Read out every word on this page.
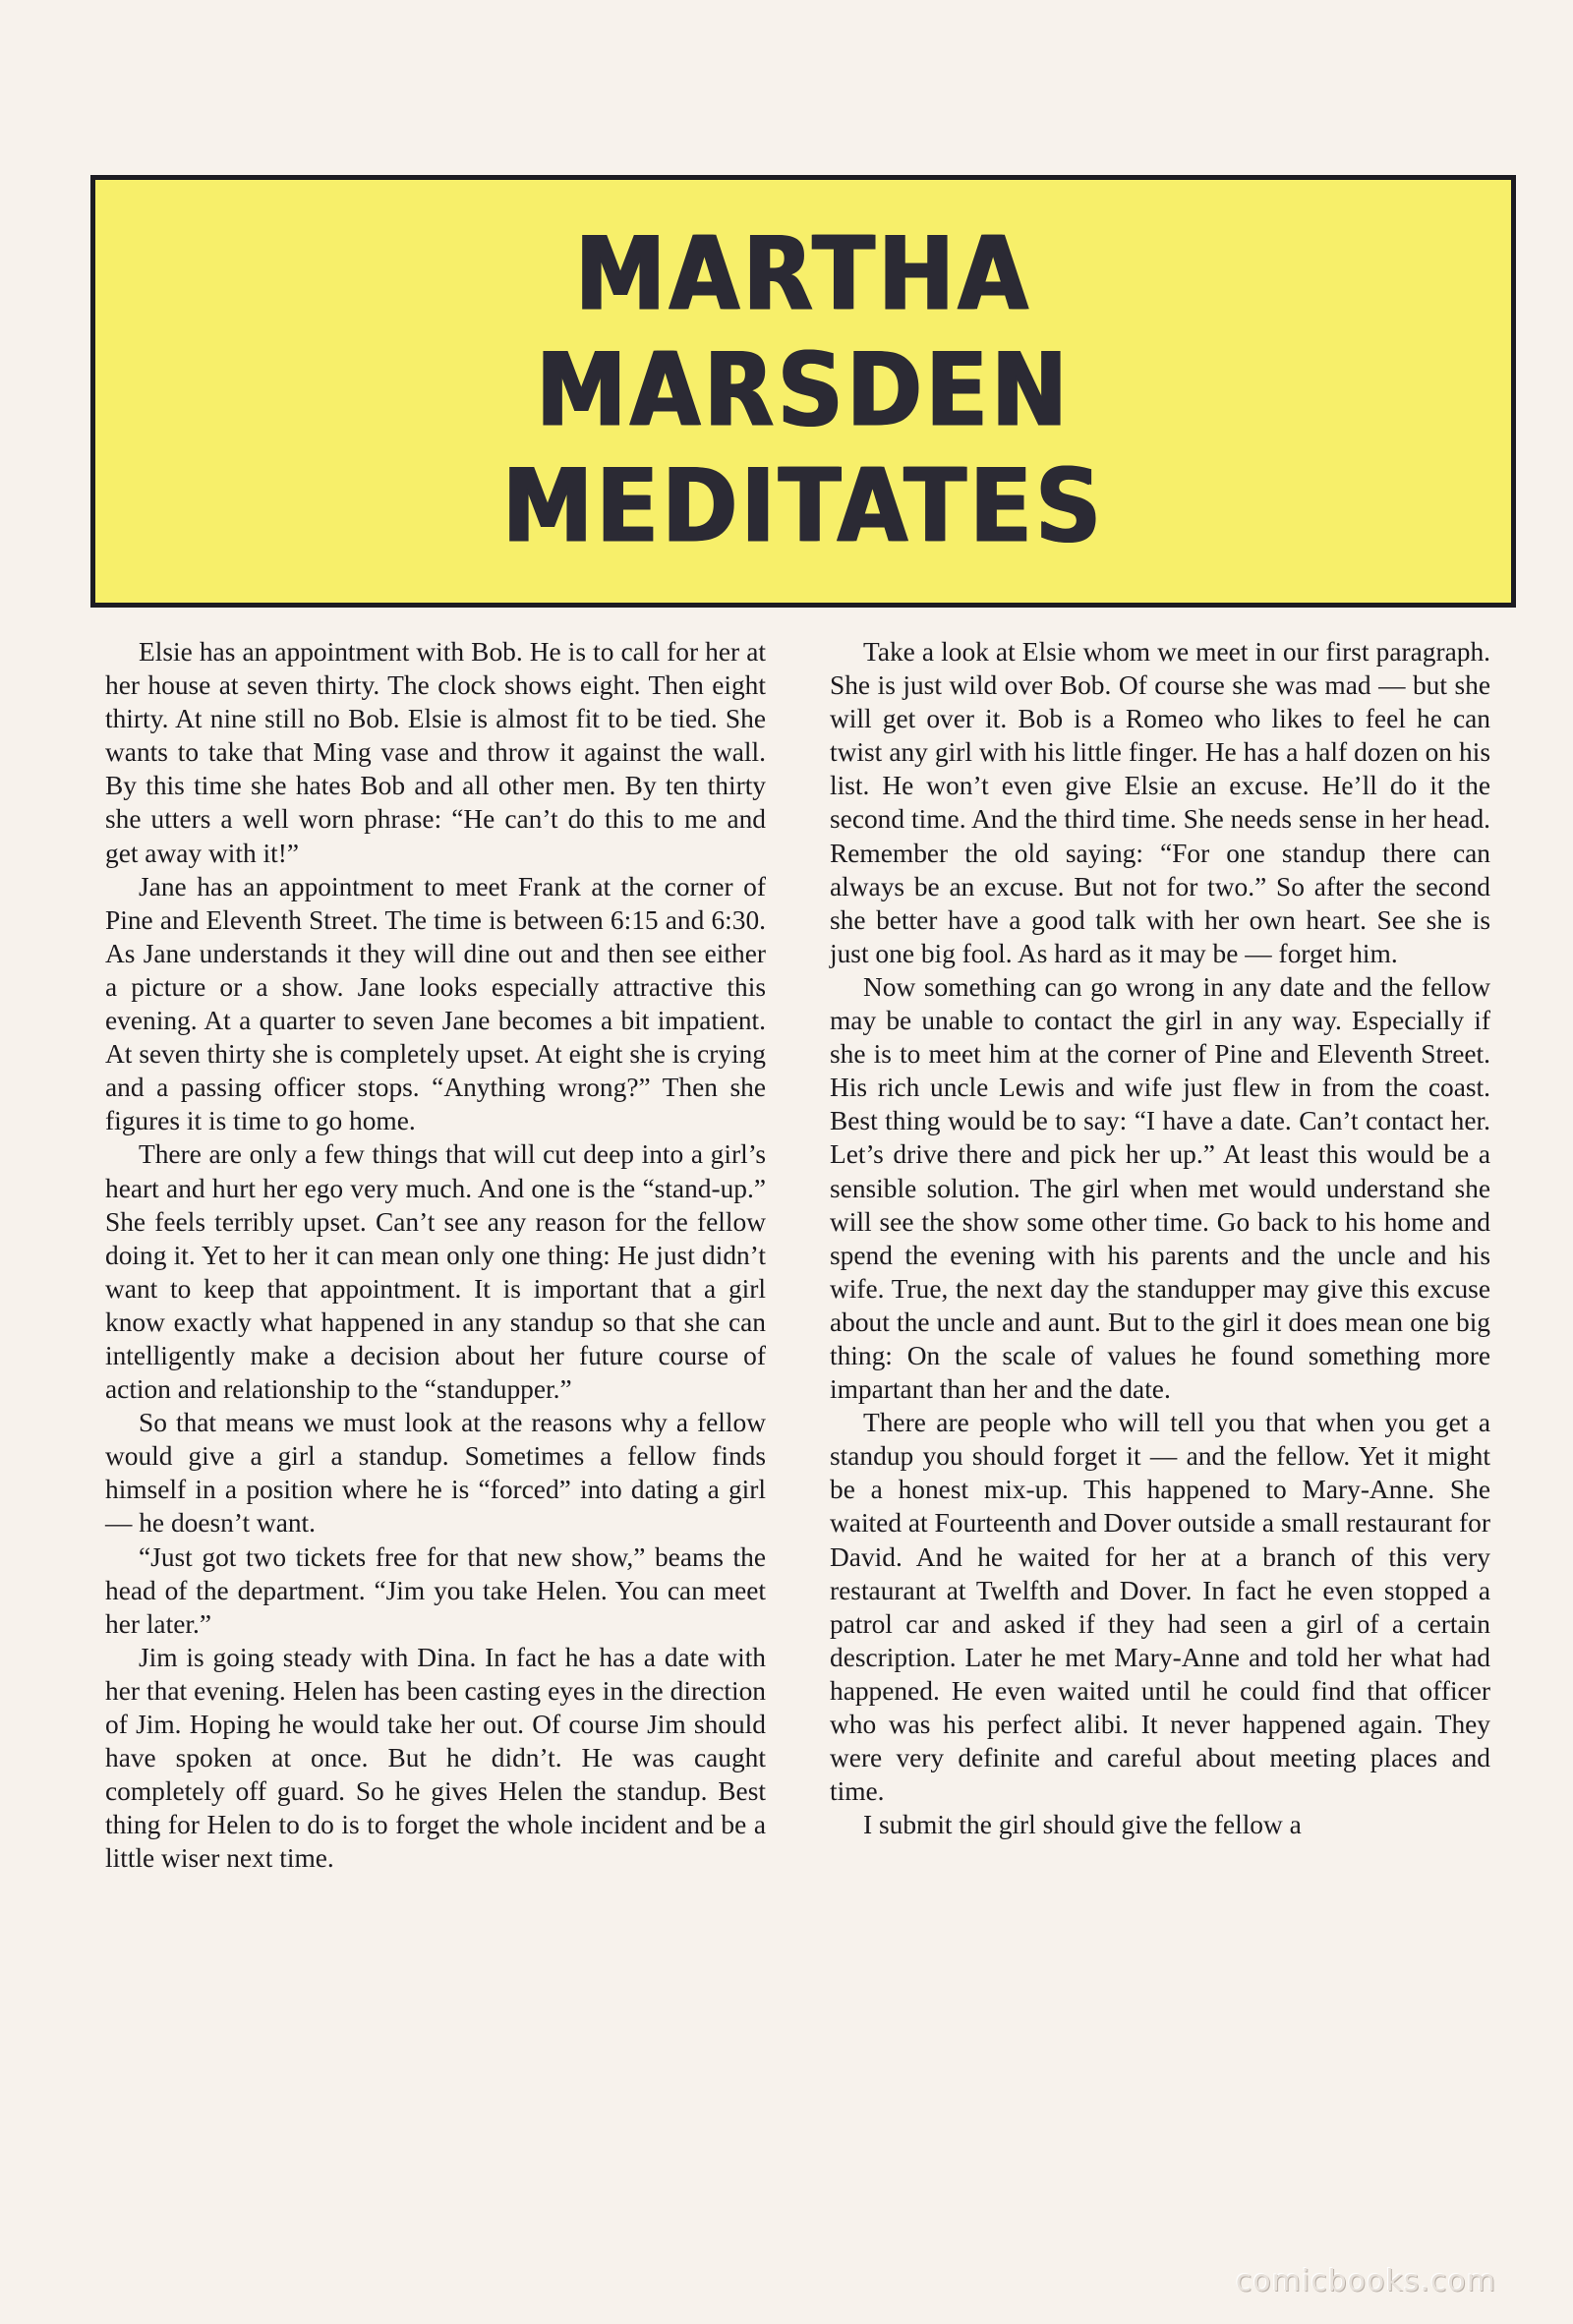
MARTHA
MARSDEN
MEDITATES

Elsie has an appointment with Bob. He is to call for her at her house at seven thirty. The clock shows eight. Then eight thirty. At nine still no Bob. Elsie is almost fit to be tied. She wants to take that Ming vase and throw it against the wall. By this time she hates Bob and all other men. By ten thirty she utters a well worn phrase: “He can’t do this to me and get away with it!”

Jane has an appointment to meet Frank at the corner of Pine and Eleventh Street. The time is between 6:15 and 6:30. As Jane understands it they will dine out and then see either a picture or a show. Jane looks especially attractive this evening. At a quarter to seven Jane becomes a bit impatient. At seven thirty she is completely upset. At eight she is crying and a passing officer stops. “Anything wrong?” Then she figures it is time to go home.

There are only a few things that will cut deep into a girl’s heart and hurt her ego very much. And one is the “stand-up.” She feels terribly upset. Can’t see any reason for the fellow doing it. Yet to her it can mean only one thing: He just didn’t want to keep that appointment. It is important that a girl know exactly what happened in any standup so that she can intelligently make a decision about her future course of action and relationship to the “standupper.”

So that means we must look at the reasons why a fellow would give a girl a standup. Sometimes a fellow finds himself in a position where he is “forced” into dating a girl — he doesn’t want.

“Just got two tickets free for that new show,” beams the head of the department. “Jim you take Helen. You can meet her later.”

Jim is going steady with Dina. In fact he has a date with her that evening. Helen has been casting eyes in the direction of Jim. Hoping he would take her out. Of course Jim should have spoken at once. But he didn’t. He was caught completely off guard. So he gives Helen the standup. Best thing for Helen to do is to forget the whole incident and be a little wiser next time.

Take a look at Elsie whom we meet in our first paragraph. She is just wild over Bob. Of course she was mad — but she will get over it. Bob is a Romeo who likes to feel he can twist any girl with his little finger. He has a half dozen on his list. He won’t even give Elsie an excuse. He’ll do it the second time. And the third time. She needs sense in her head. Remember the old saying: “For one standup there can always be an excuse. But not for two.” So after the second she better have a good talk with her own heart. See she is just one big fool. As hard as it may be — forget him.

Now something can go wrong in any date and the fellow may be unable to contact the girl in any way. Especially if she is to meet him at the corner of Pine and Eleventh Street. His rich uncle Lewis and wife just flew in from the coast. Best thing would be to say: “I have a date. Can’t contact her. Let’s drive there and pick her up.” At least this would be a sensible solution. The girl when met would understand she will see the show some other time. Go back to his home and spend the evening with his parents and the uncle and his wife. True, the next day the standupper may give this excuse about the uncle and aunt. But to the girl it does mean one big thing: On the scale of values he found something more impartant than her and the date.

There are people who will tell you that when you get a standup you should forget it — and the fellow. Yet it might be a honest mix-up. This happened to Mary-Anne. She waited at Fourteenth and Dover outside a small restaurant for David. And he waited for her at a branch of this very restaurant at Twelfth and Dover. In fact he even stopped a patrol car and asked if they had seen a girl of a certain description. Later he met Mary-Anne and told her what had happened. He even waited until he could find that officer who was his perfect alibi. It never happened again. They were very definite and careful about meeting places and time.

I submit the girl should give the fellow a

comicbooks.com
